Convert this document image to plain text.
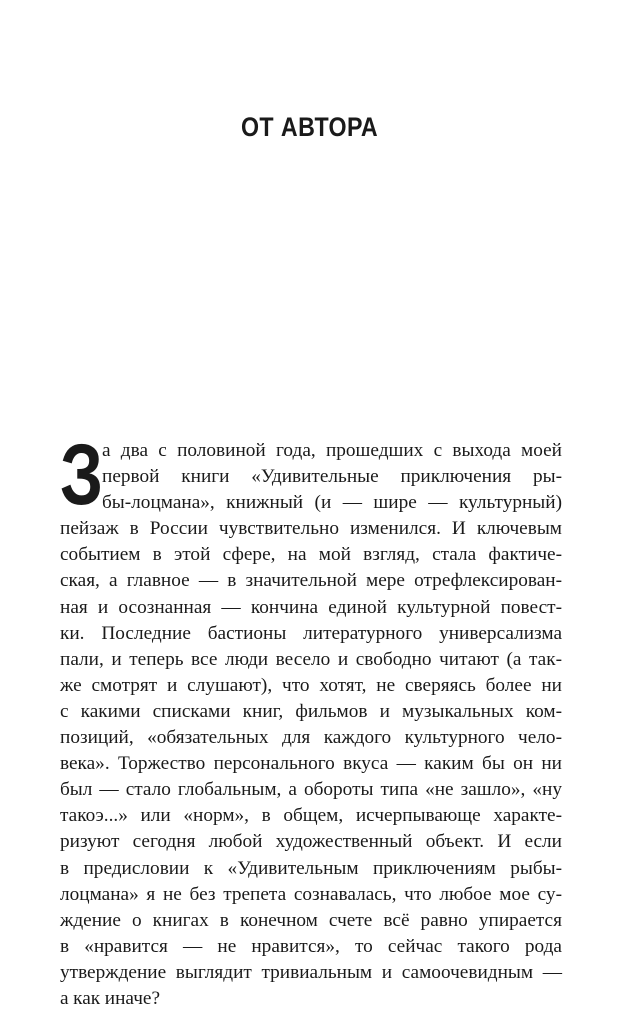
ОТ АВТОРА
З

а два с половиной года, прошедших с выхода моей
первой книги «Удивительные приключения ры-
бы-лоцмана», книжный (и — шире — культурный)
пейзаж в России чувствительно изменился. И ключевым
событием в этой сфере, на мой взгляд, стала фактиче-
ская, а главное — в значительной мере отрефлексирован-
ная и осознанная — кончина единой культурной повест-
ки. Последние бастионы литературного универсализма
пали, и теперь все люди весело и свободно читают (а так-
же смотрят и слушают), что хотят, не сверяясь более ни
с какими списками книг, фильмов и музыкальных ком-
позиций, «обязательных для каждого культурного чело-
века». Торжество персонального вкуса — каким бы он ни
был — стало глобальным, а обороты типа «не зашло», «ну
такоэ...» или «норм», в общем, исчерпывающе характе-
ризуют сегодня любой художественный объект. И если
в предисловии к «Удивительным приключениям рыбы-
лоцмана» я не без трепета сознавалась, что любое мое су-
ждение о книгах в конечном счете всё равно упирается
в «нравится — не нравится», то сейчас такого рода
утверждение выглядит тривиальным и самоочевидным —
а как иначе?
